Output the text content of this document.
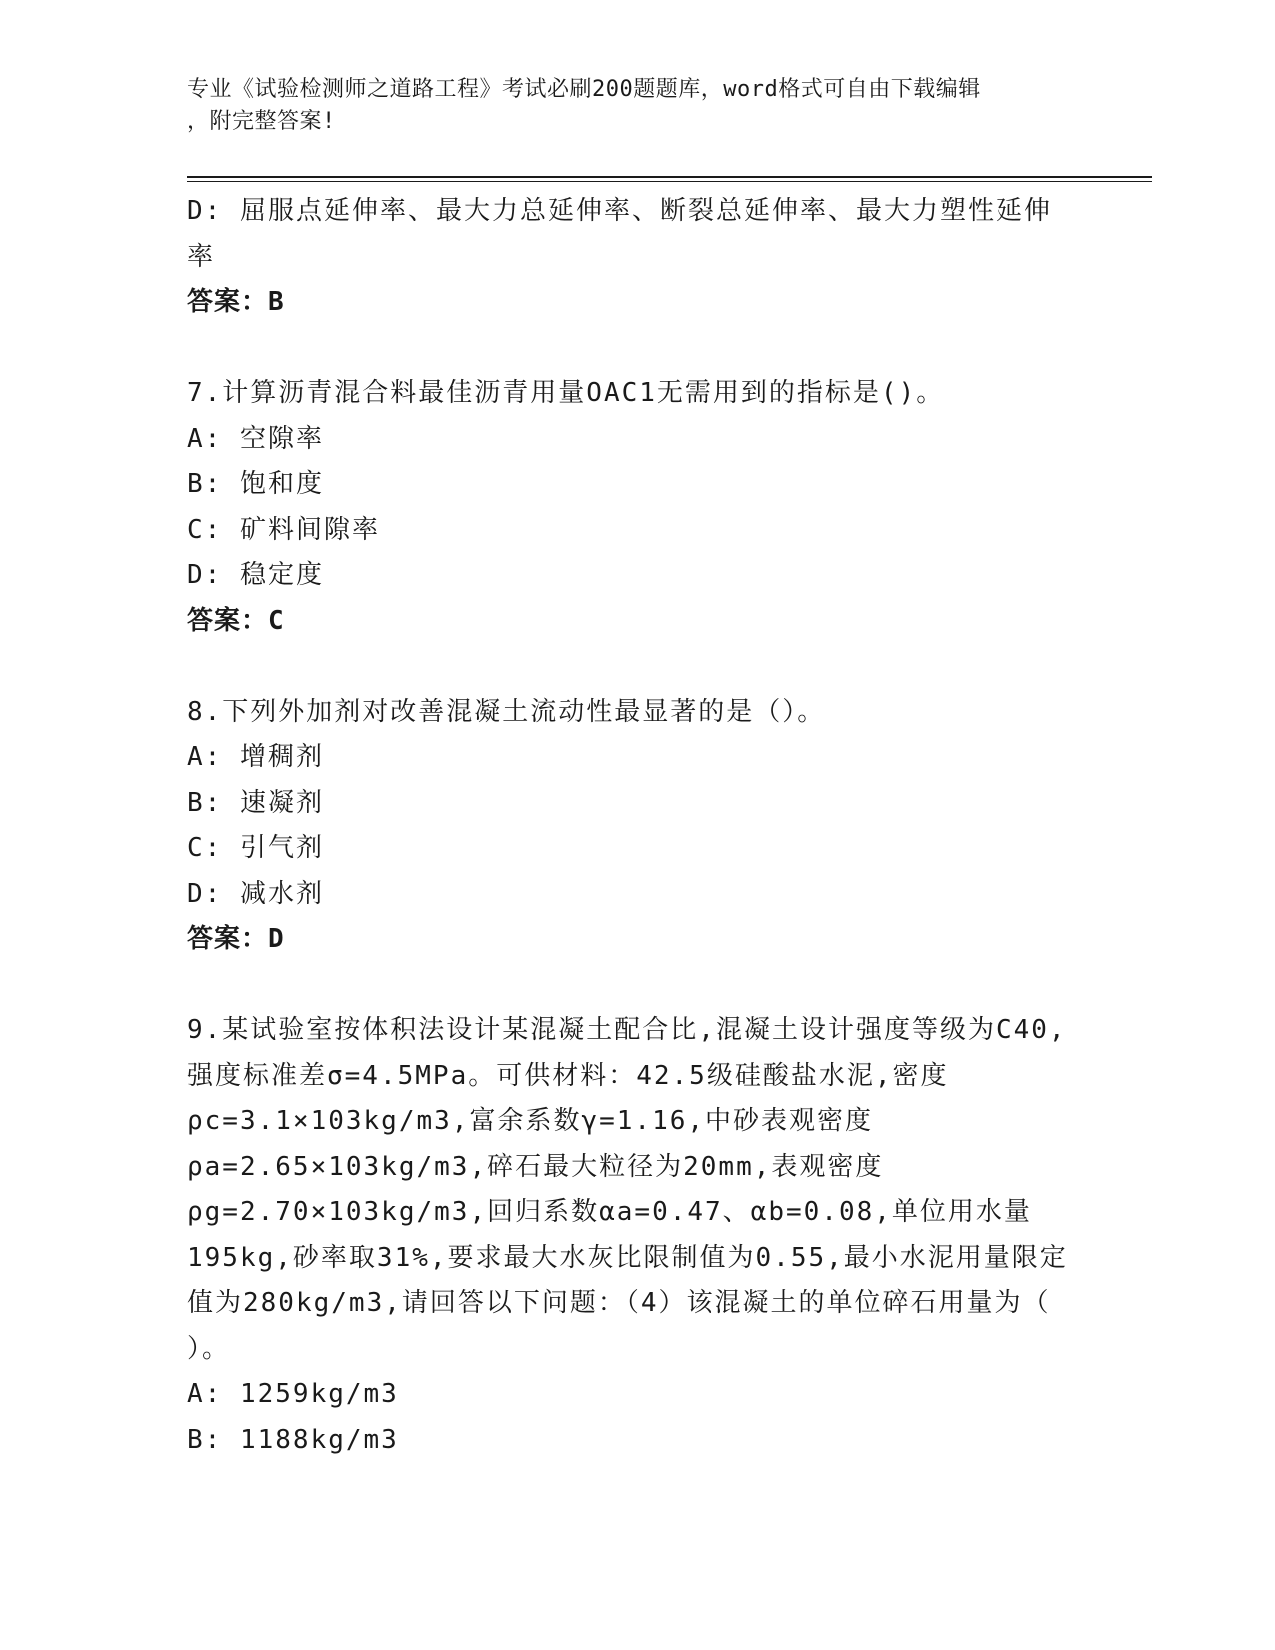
专业《试验检测师之道路工程》考试必刷200题题库，word格式可自由下载编辑
，附完整答案!
D: 屈服点延伸率、最大力总延伸率、断裂总延伸率、最大力塑性延伸
率
答案：B
7.计算沥青混合料最佳沥青用量OAC1无需用到的指标是()。
A: 空隙率
B: 饱和度
C: 矿料间隙率
D: 稳定度
答案：C
8.下列外加剂对改善混凝土流动性最显著的是（）。
A: 增稠剂
B: 速凝剂
C: 引气剂
D: 减水剂
答案：D
9.某试验室按体积法设计某混凝土配合比,混凝土设计强度等级为C40,
强度标准差σ=4.5MPa。可供材料：42.5级硅酸盐水泥,密度
ρc=3.1×103kg/m3,富余系数γ=1.16,中砂表观密度
ρa=2.65×103kg/m3,碎石最大粒径为20mm,表观密度
ρg=2.70×103kg/m3,回归系数αa=0.47、αb=0.08,单位用水量
195kg,砂率取31%,要求最大水灰比限制值为0.55,最小水泥用量限定
值为280kg/m3,请回答以下问题：（4）该混凝土的单位碎石用量为（
）。
A: 1259kg/m3
B: 1188kg/m3
